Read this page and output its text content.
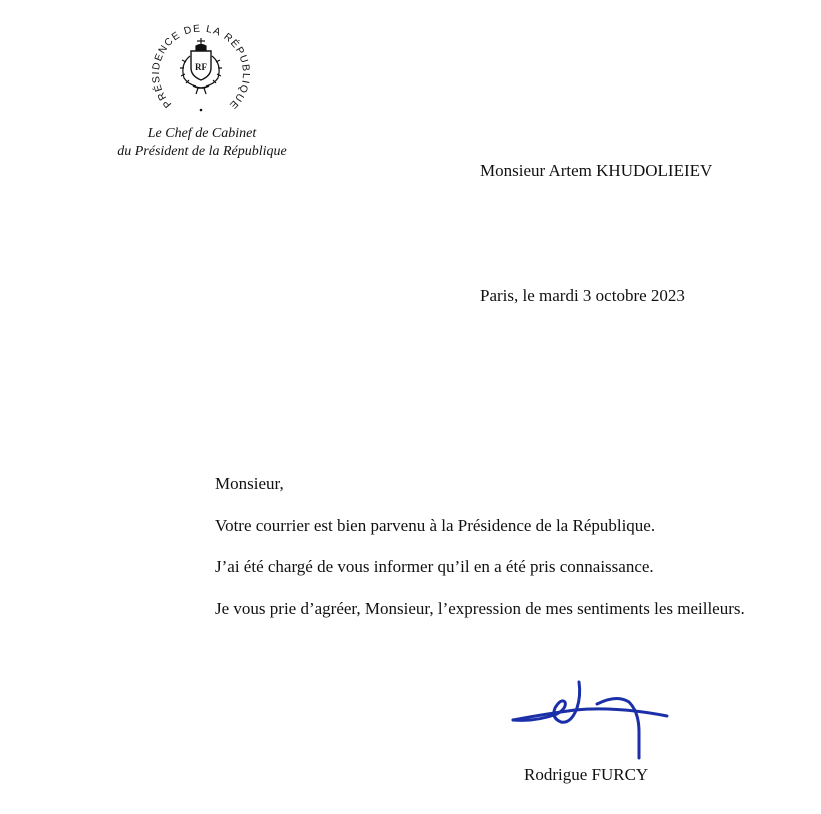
PRÉSIDENCE DE LA RÉPUBLIQUE
RF
Le Chef de Cabinet
du Président de la République
Monsieur Artem KHUDOLIEIEV
Paris, le mardi 3 octobre 2023

Monsieur,

Votre courrier est bien parvenu à la Présidence de la République.

J’ai été chargé de vous informer qu’il en a été pris connaissance.

Je vous prie d’agréer, Monsieur, l’expression de mes sentiments les meilleurs.

Rodrigue FURCY
